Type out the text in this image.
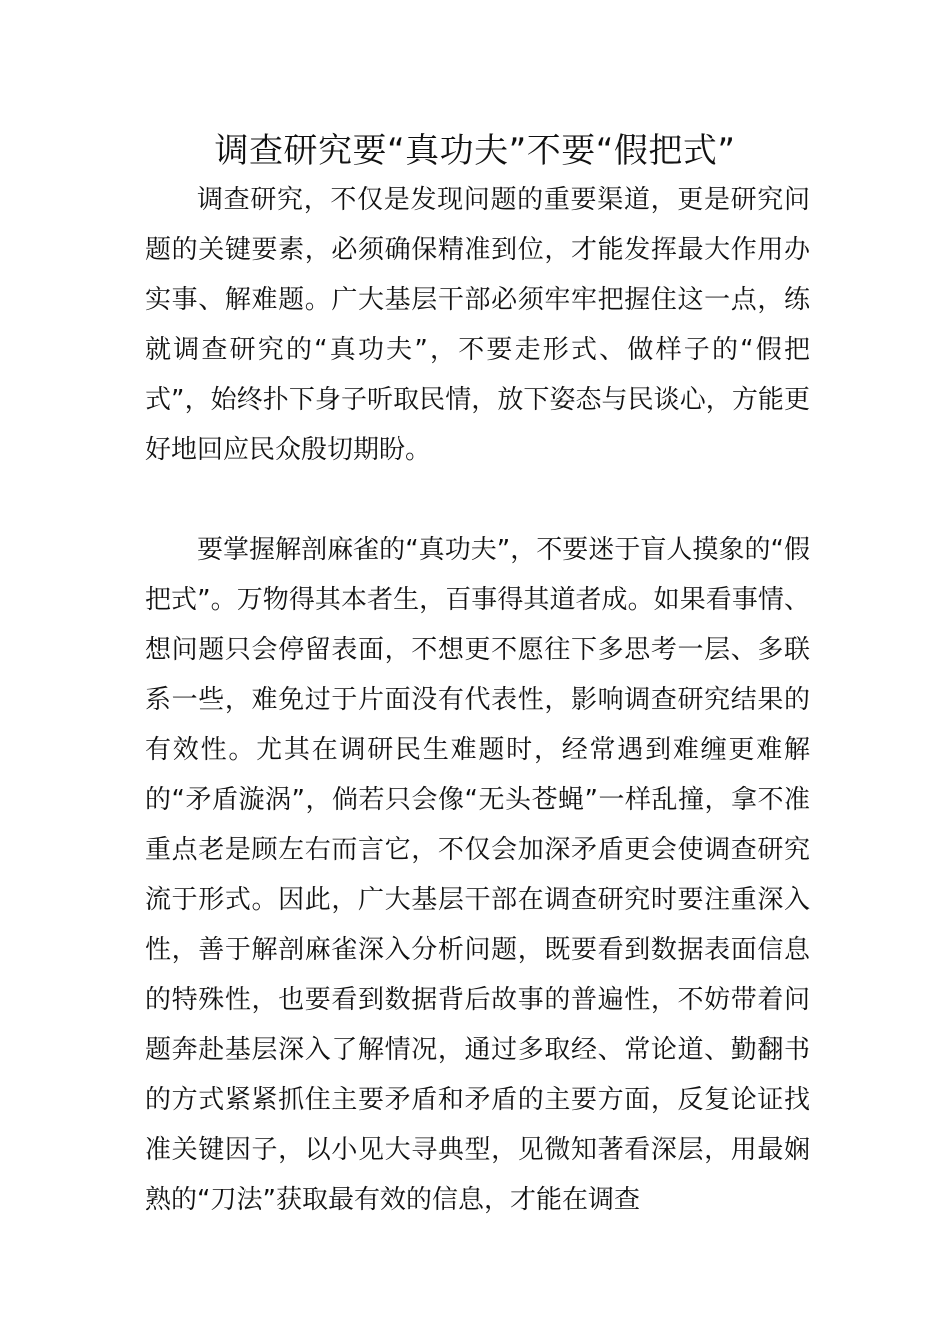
调查研究要“真功夫”不要“假把式”

调查研究，不仅是发现问题的重要渠道，更是研究问题的关键要素，必须确保精准到位，才能发挥最大作用办实事、解难题。广大基层干部必须牢牢把握住这一点，练就调查研究的“真功夫”，不要走形式、做样子的“假把式”，始终扑下身子听取民情，放下姿态与民谈心，方能更好地回应民众殷切期盼。

要掌握解剖麻雀的“真功夫”，不要迷于盲人摸象的“假把式”。万物得其本者生，百事得其道者成。如果看事情、想问题只会停留表面，不想更不愿往下多思考一层、多联系一些，难免过于片面没有代表性，影响调查研究结果的有效性。尤其在调研民生难题时，经常遇到难缠更难解的“矛盾漩涡”，倘若只会像“无头苍蝇”一样乱撞，拿不准重点老是顾左右而言它，不仅会加深矛盾更会使调查研究流于形式。因此，广大基层干部在调查研究时要注重深入性，善于解剖麻雀深入分析问题，既要看到数据表面信息的特殊性，也要看到数据背后故事的普遍性，不妨带着问题奔赴基层深入了解情况，通过多取经、常论道、勤翻书的方式紧紧抓住主要矛盾和矛盾的主要方面，反复论证找准关键因子，以小见大寻典型，见微知著看深层，用最娴熟的“刀法”获取最有效的信息，才能在调查
